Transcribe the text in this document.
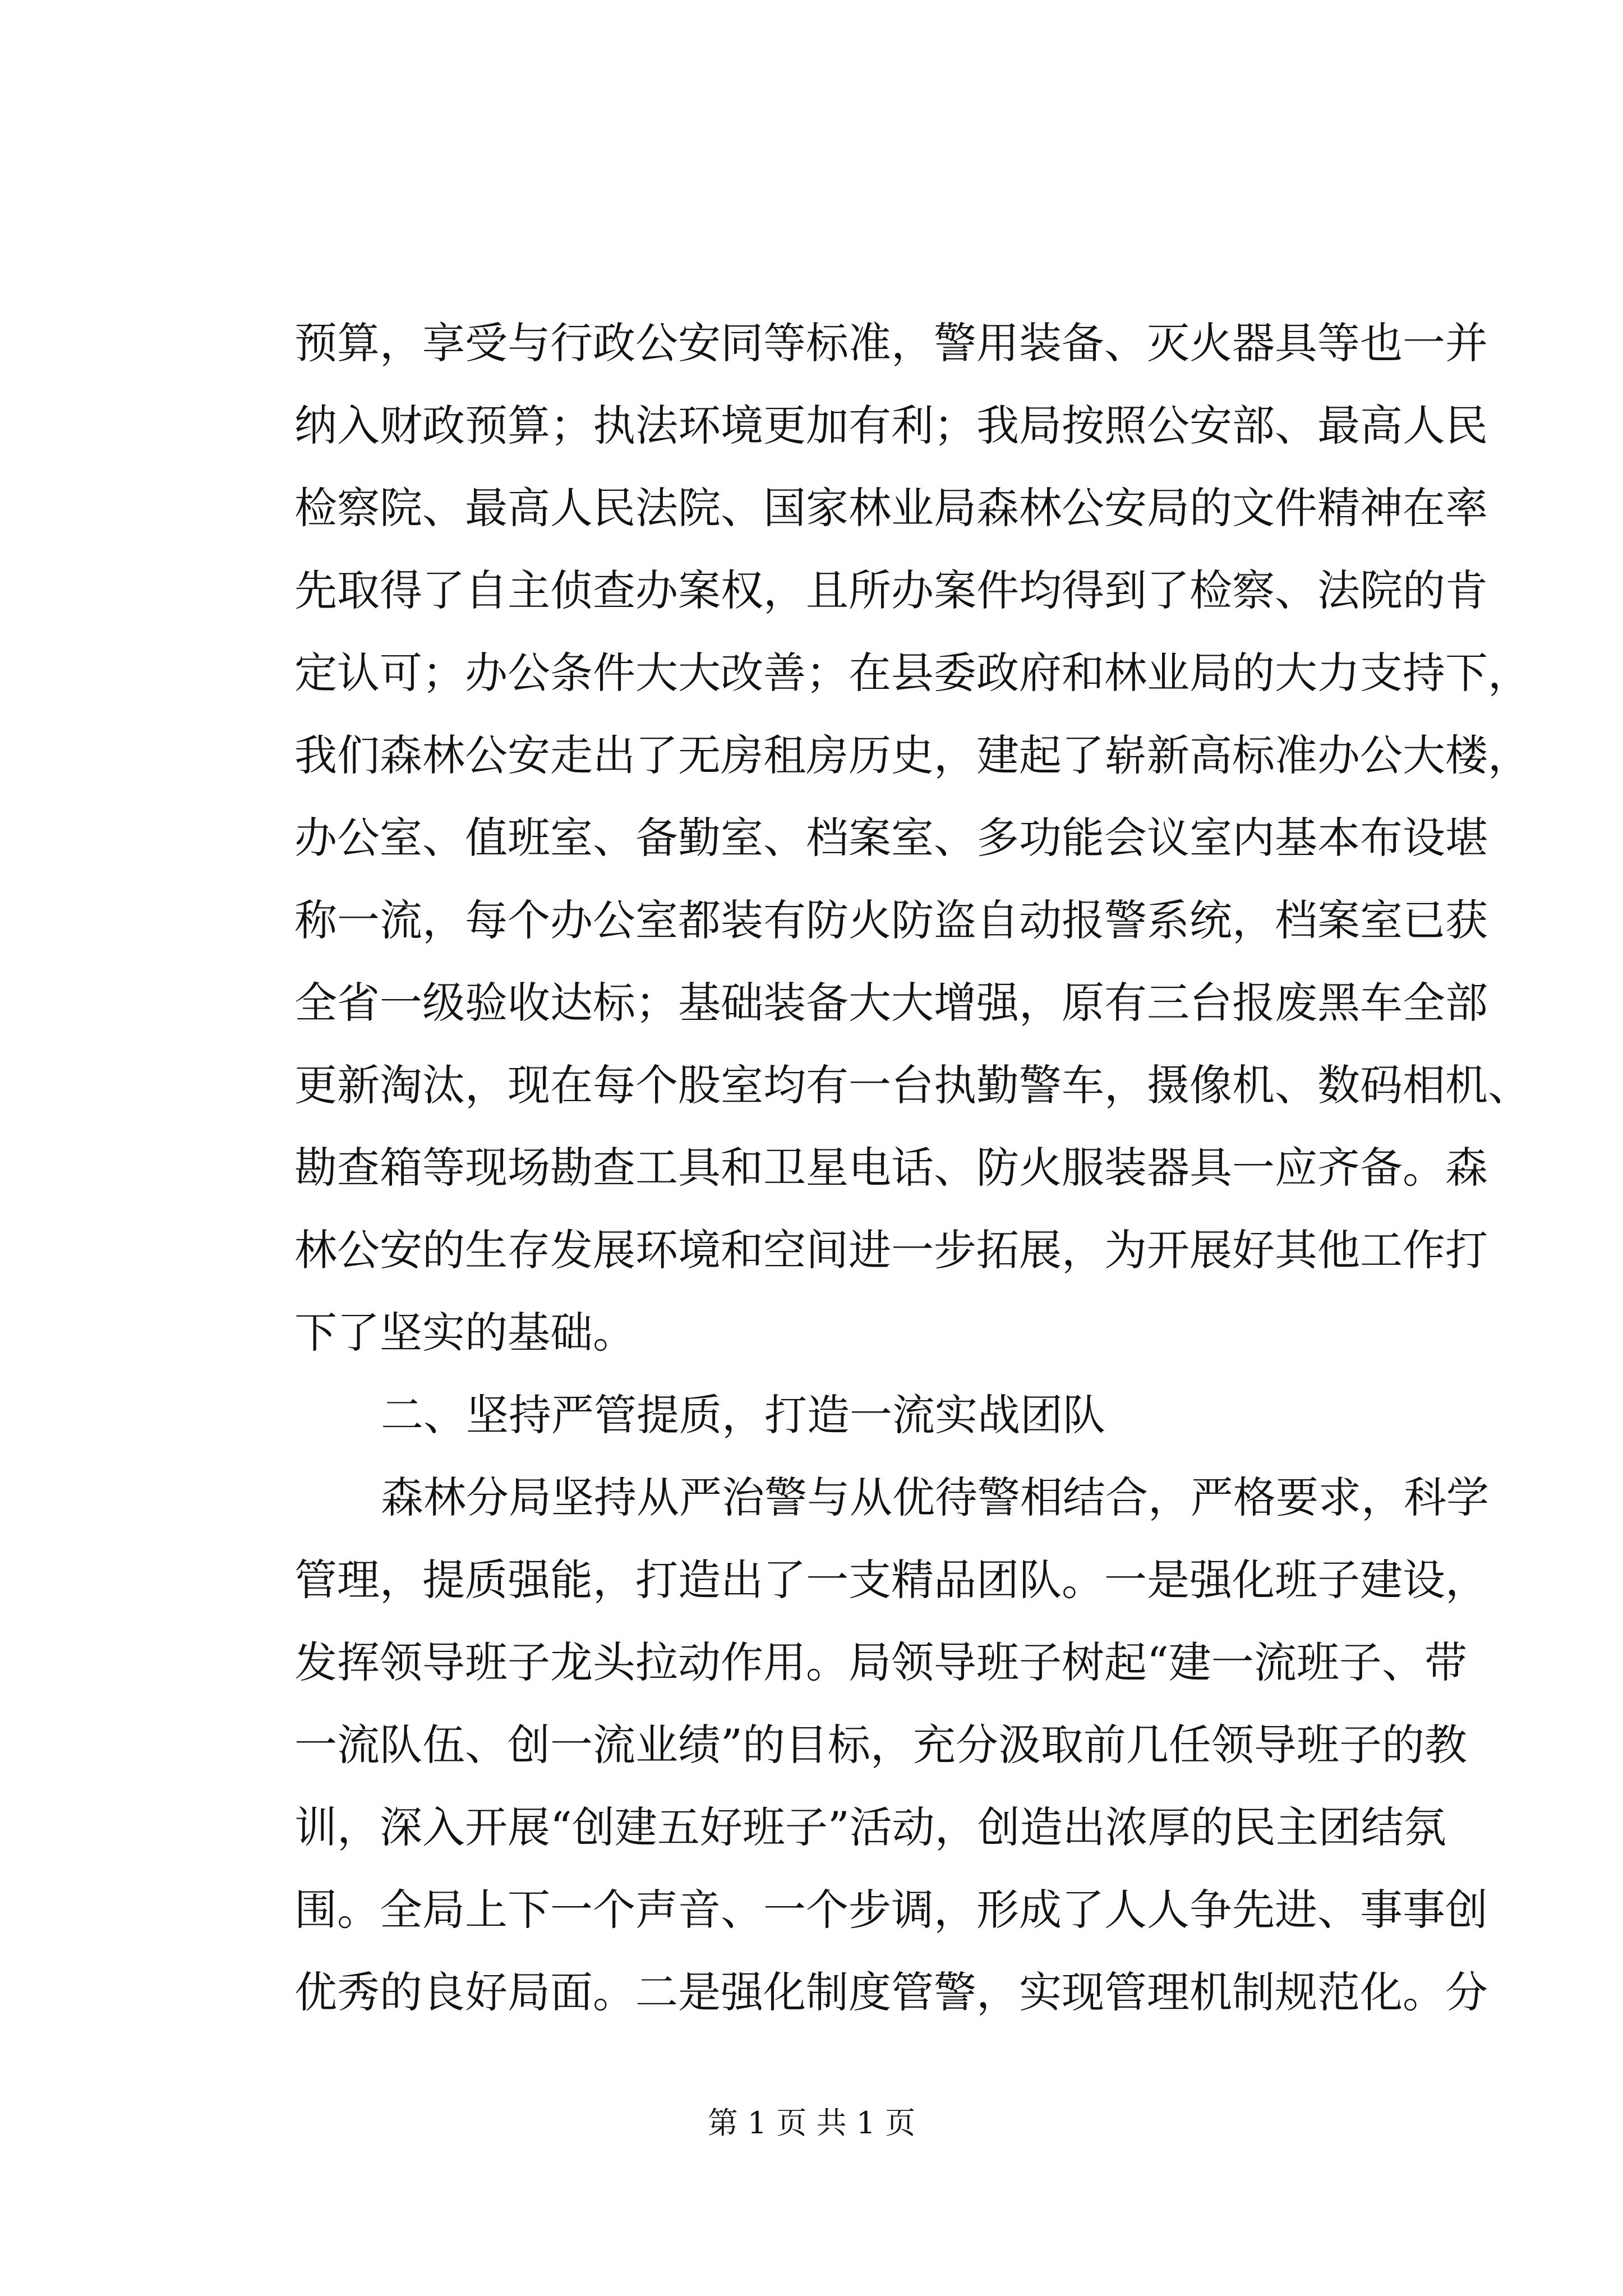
预算，享受与行政公安同等标准，警用装备、灭火器具等也一并
纳入财政预算；执法环境更加有利；我局按照公安部、最高人民
检察院、最高人民法院、国家林业局森林公安局的文件精神在率
先取得了自主侦查办案权，且所办案件均得到了检察、法院的肯
定认可；办公条件大大改善；在县委政府和林业局的大力支持下，
我们森林公安走出了无房租房历史，建起了崭新高标准办公大楼，
办公室、值班室、备勤室、档案室、多功能会议室内基本布设堪
称一流，每个办公室都装有防火防盗自动报警系统，档案室已获
全省一级验收达标；基础装备大大增强，原有三台报废黑车全部
更新淘汰，现在每个股室均有一台执勤警车，摄像机、数码相机、
勘查箱等现场勘查工具和卫星电话、防火服装器具一应齐备。森
林公安的生存发展环境和空间进一步拓展，为开展好其他工作打
下了坚实的基础。
二、坚持严管提质，打造一流实战团队
森林分局坚持从严治警与从优待警相结合，严格要求，科学
管理，提质强能，打造出了一支精品团队。一是强化班子建设，
发挥领导班子龙头拉动作用。局领导班子树起“建一流班子、带
一流队伍、创一流业绩”的目标，充分汲取前几任领导班子的教
训，深入开展“创建五好班子”活动，创造出浓厚的民主团结氛
围。全局上下一个声音、一个步调，形成了人人争先进、事事创
优秀的良好局面。二是强化制度管警，实现管理机制规范化。分
第 1 页 共 1 页
